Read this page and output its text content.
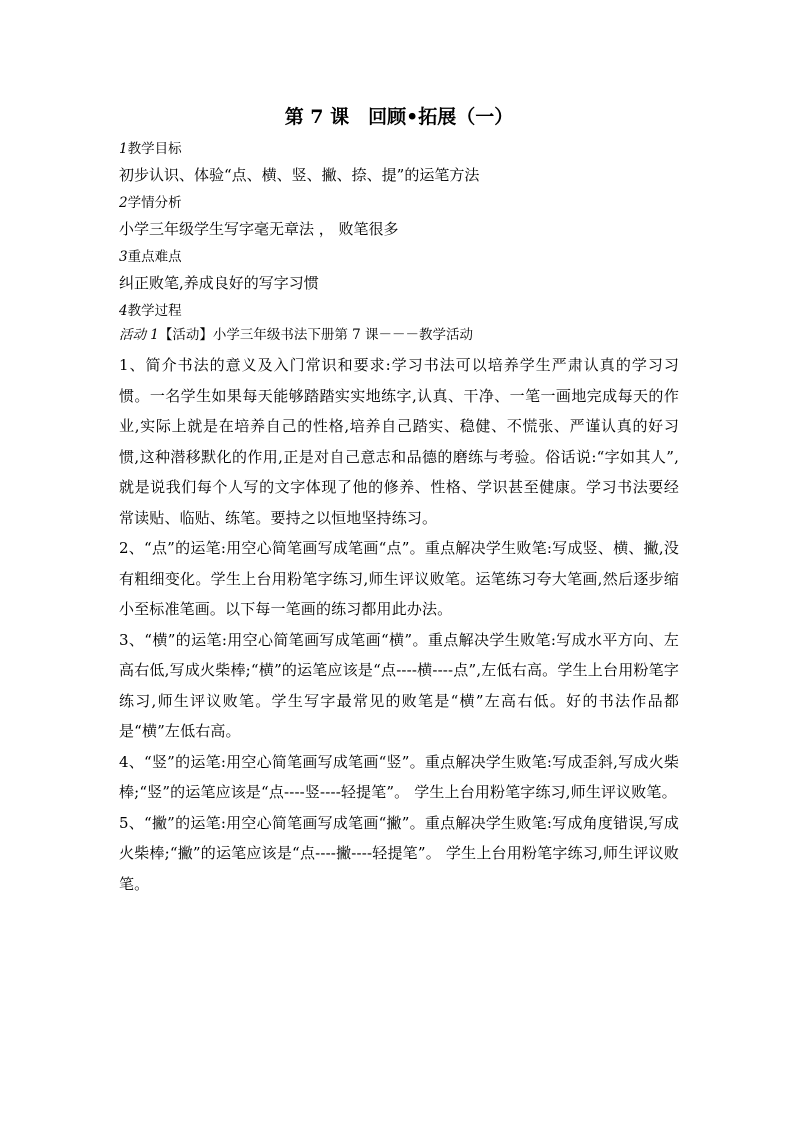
第 7 课　回顾•拓展（一）
1教学目标
初步认识、体验“点、横、竖、撇、捺、提”的运笔方法
2学情分析
小学三年级学生写字毫无章法 ， 败笔很多
3重点难点
纠正败笔,养成良好的写字习惯
4教学过程
活动 1【活动】小学三年级书法下册第 7 课－－－教学活动

1、简介书法的意义及入门常识和要求:学习书法可以培养学生严肃认真的学习习惯。一名学生如果每天能够踏踏实实地练字,认真、干净、一笔一画地完成每天的作业,实际上就是在培养自己的性格,培养自己踏实、稳健、不慌张、严谨认真的好习惯,这种潜移默化的作用,正是对自己意志和品德的磨练与考验。俗话说:“字如其人”,就是说我们每个人写的文字体现了他的修养、性格、学识甚至健康。学习书法要经常读贴、临贴、练笔。要持之以恒地坚持练习。

2、“点”的运笔:用空心简笔画写成笔画“点”。重点解决学生败笔:写成竖、横、撇,没有粗细变化。学生上台用粉笔字练习,师生评议败笔。运笔练习夸大笔画,然后逐步缩小至标准笔画。以下每一笔画的练习都用此办法。

3、“横”的运笔:用空心简笔画写成笔画“横”。重点解决学生败笔:写成水平方向、左高右低,写成火柴棒;“横”的运笔应该是“点----横----点”,左低右高。学生上台用粉笔字练习,师生评议败笔。学生写字最常见的败笔是“横”左高右低。好的书法作品都是“横”左低右高。

4、“竖”的运笔:用空心简笔画写成笔画“竖”。重点解决学生败笔:写成歪斜,写成火柴棒;“竖”的运笔应该是“点----竖----轻提笔”。 学生上台用粉笔字练习,师生评议败笔。

5、“撇”的运笔:用空心简笔画写成笔画“撇”。重点解决学生败笔:写成角度错误,写成火柴棒;“撇”的运笔应该是“点----撇----轻提笔”。 学生上台用粉笔字练习,师生评议败笔。
